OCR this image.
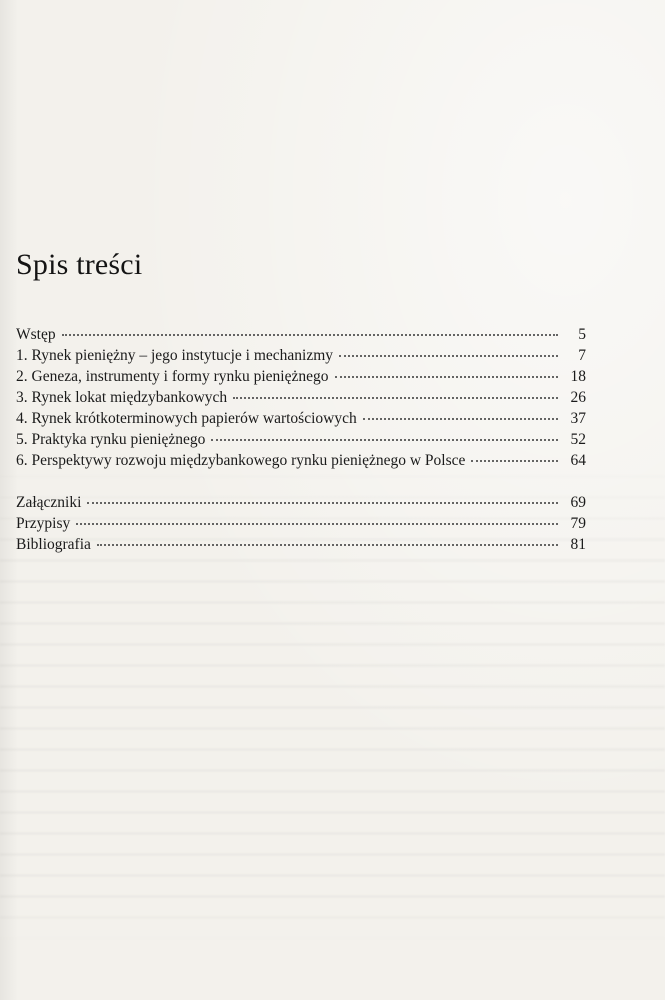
Spis treści
Wstęp	5
1. Rynek pieniężny – jego instytucje i mechanizmy	7
2. Geneza, instrumenty i formy rynku pieniężnego	18
3. Rynek lokat międzybankowych	26
4. Rynek krótkoterminowych papierów wartościowych	37
5. Praktyka rynku pieniężnego	52
6. Perspektywy rozwoju międzybankowego rynku pieniężnego w Polsce	64
Załączniki	69
Przypisy	79
Bibliografia	81
